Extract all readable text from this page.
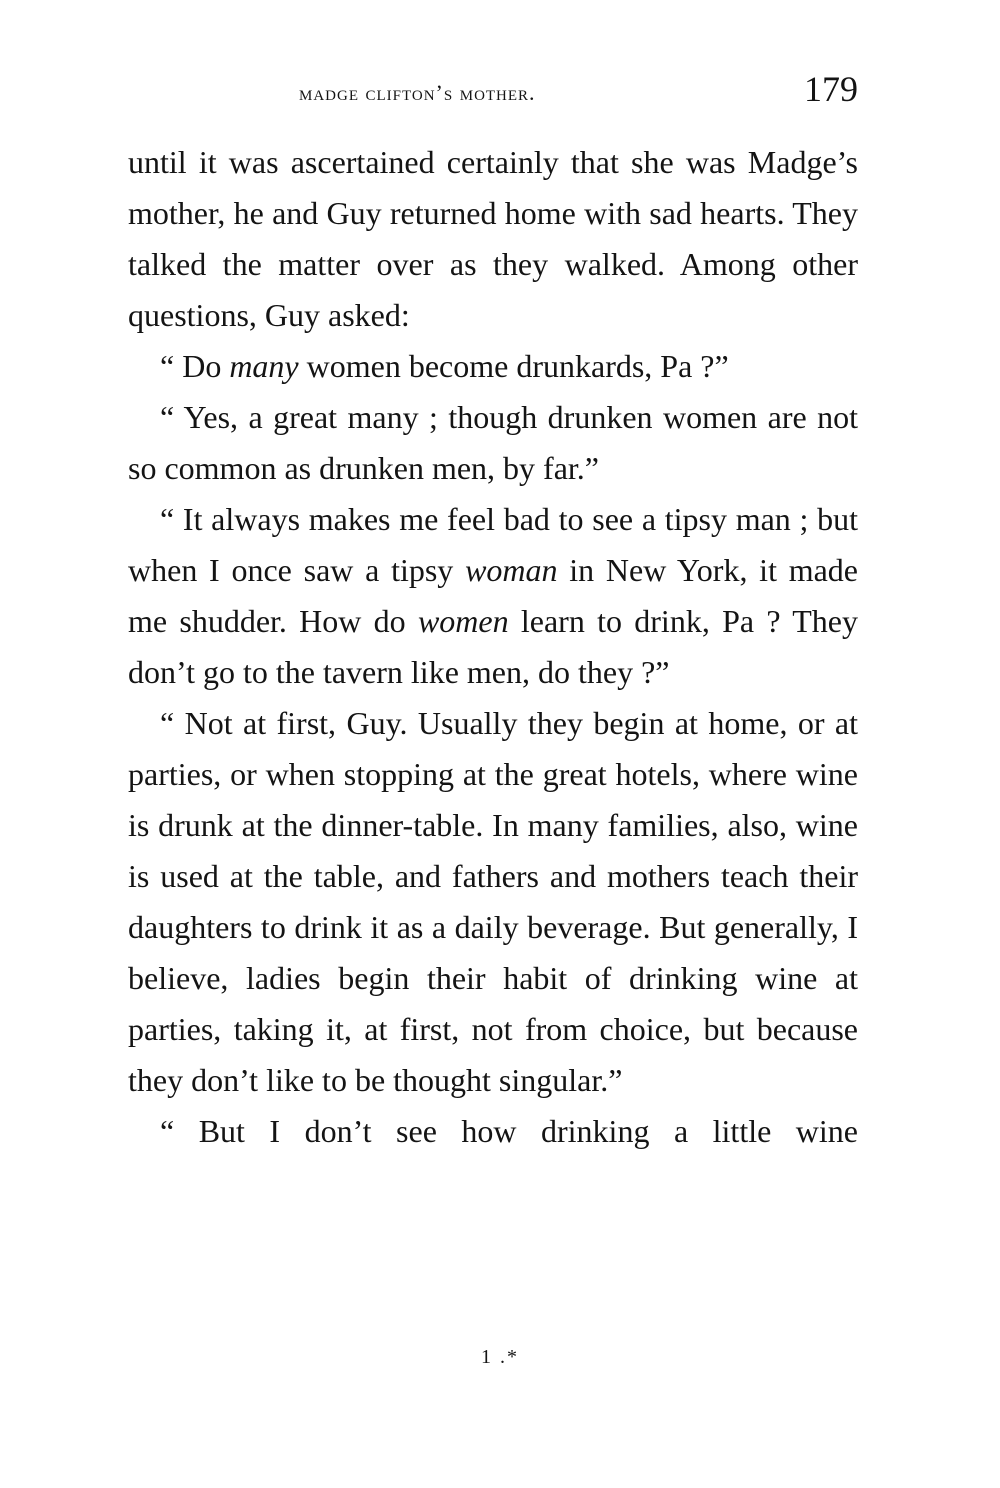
madge clifton’s mother.	179

until it was ascertained certainly that she was Madge’s mother, he and Guy returned home with sad hearts. They talked the matter over as they walked. Among other questions, Guy asked:

“ Do many women become drunkards, Pa ?”

“ Yes, a great many ; though drunken women are not so common as drunken men, by far.”

“ It always makes me feel bad to see a tipsy man ; but when I once saw a tipsy woman in New York, it made me shudder. How do women learn to drink, Pa ? They don’t go to the tavern like men, do they ?”

“ Not at first, Guy. Usually they begin at home, or at parties, or when stopping at the great hotels, where wine is drunk at the dinner-table. In many families, also, wine is used at the table, and fathers and mothers teach their daughters to drink it as a daily beverage. But generally, I believe, ladies begin their habit of drinking wine at parties, taking it, at first, not from choice, but because they don’t like to be thought singular.”

“ But I don’t see how drinking a little wine

1 .*
